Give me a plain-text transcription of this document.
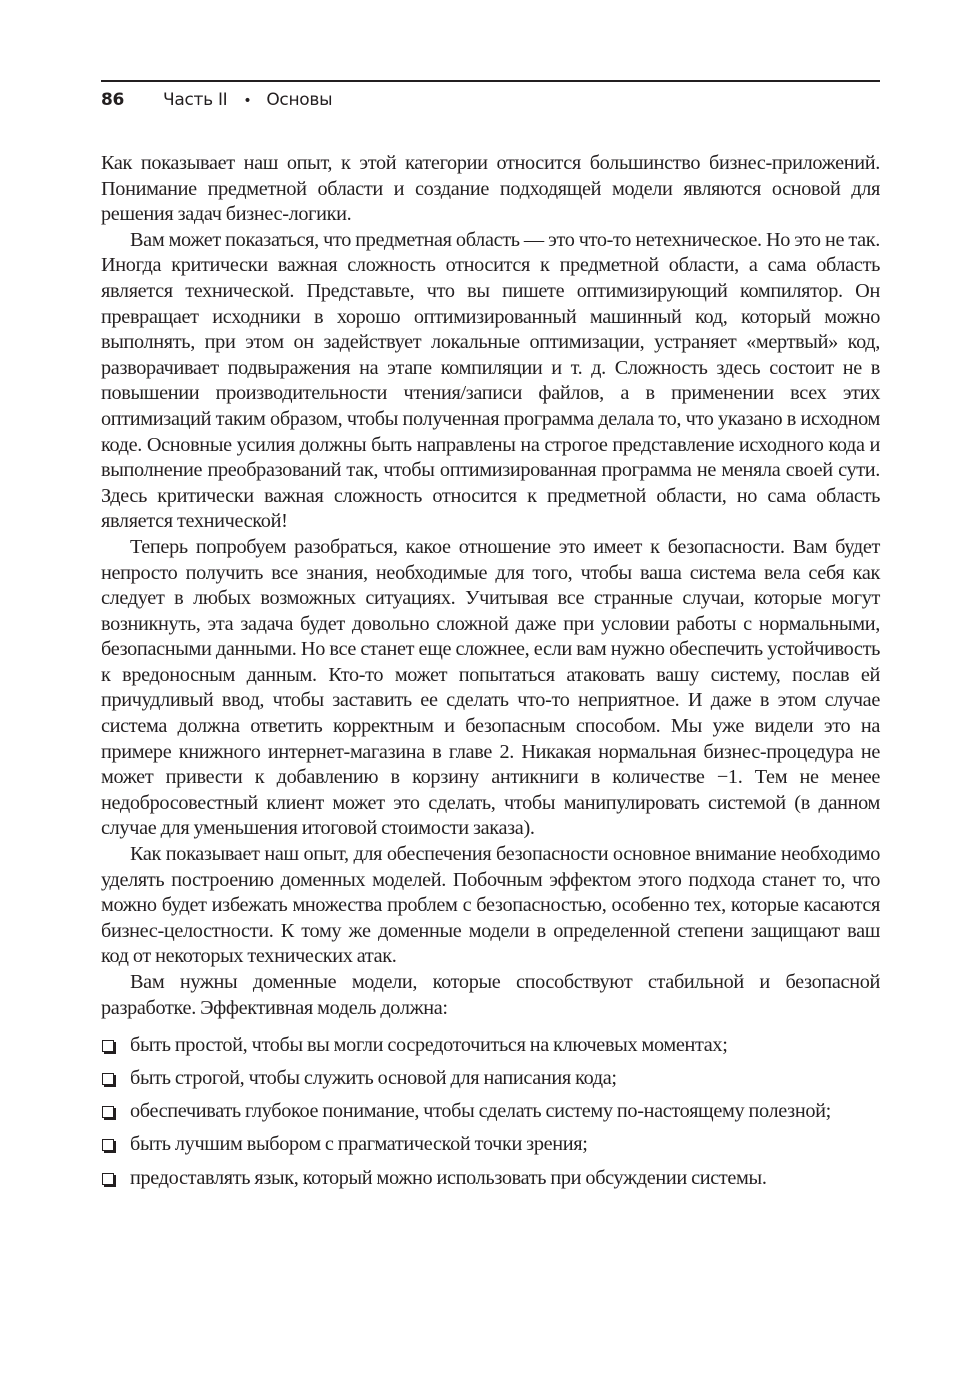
86	Часть II • Основы

Как показывает наш опыт, к этой категории относится большинство бизнес-приложений. Понимание предметной области и создание подходящей модели являются основой для решения задач бизнес-логики.

Вам может показаться, что предметная область — это что-то нетехническое. Но это не так. Иногда критически важная сложность относится к предметной области, а сама область является технической. Представьте, что вы пишете оптимизирующий компилятор. Он превращает исходники в хорошо оптимизированный машинный код, который можно выполнять, при этом он задействует локальные оптимизации, устраняет «мертвый» код, разворачивает подвыражения на этапе компиляции и т. д. Сложность здесь состоит не в повышении производительности чтения/записи файлов, а в применении всех этих оптимизаций таким образом, чтобы полученная программа делала то, что указано в исходном коде. Основные усилия должны быть направлены на строгое представление исходного кода и выполнение преобразований так, чтобы оптимизированная программа не меняла своей сути. Здесь критически важная сложность относится к предметной области, но сама область является технической!

Теперь попробуем разобраться, какое отношение это имеет к безопасности. Вам будет непросто получить все знания, необходимые для того, чтобы ваша система вела себя как следует в любых возможных ситуациях. Учитывая все странные случаи, которые могут возникнуть, эта задача будет довольно сложной даже при условии работы с нормальными, безопасными данными. Но все станет еще сложнее, если вам нужно обеспечить устойчивость к вредоносным данным. Кто-то может попытаться атаковать вашу систему, послав ей причудливый ввод, чтобы заставить ее сделать что-то неприятное. И даже в этом случае система должна ответить корректным и безопасным способом. Мы уже видели это на примере книжного интернет-магазина в главе 2. Никакая нормальная бизнес-процедура не может привести к добавлению в корзину антикниги в количестве −1. Тем не менее недобросовестный клиент может это сделать, чтобы манипулировать системой (в данном случае для уменьшения итоговой стоимости заказа).

Как показывает наш опыт, для обеспечения безопасности основное внимание необходимо уделять построению доменных моделей. Побочным эффектом этого подхода станет то, что можно будет избежать множества проблем с безопасностью, особенно тех, которые касаются бизнес-целостности. К тому же доменные модели в определенной степени защищают ваш код от некоторых технических атак.

Вам нужны доменные модели, которые способствуют стабильной и безопасной разработке. Эффективная модель должна:

быть простой, чтобы вы могли сосредоточиться на ключевых моментах;
быть строгой, чтобы служить основой для написания кода;
обеспечивать глубокое понимание, чтобы сделать систему по-настоящему полезной;
быть лучшим выбором с прагматической точки зрения;
предоставлять язык, который можно использовать при обсуждении системы.
